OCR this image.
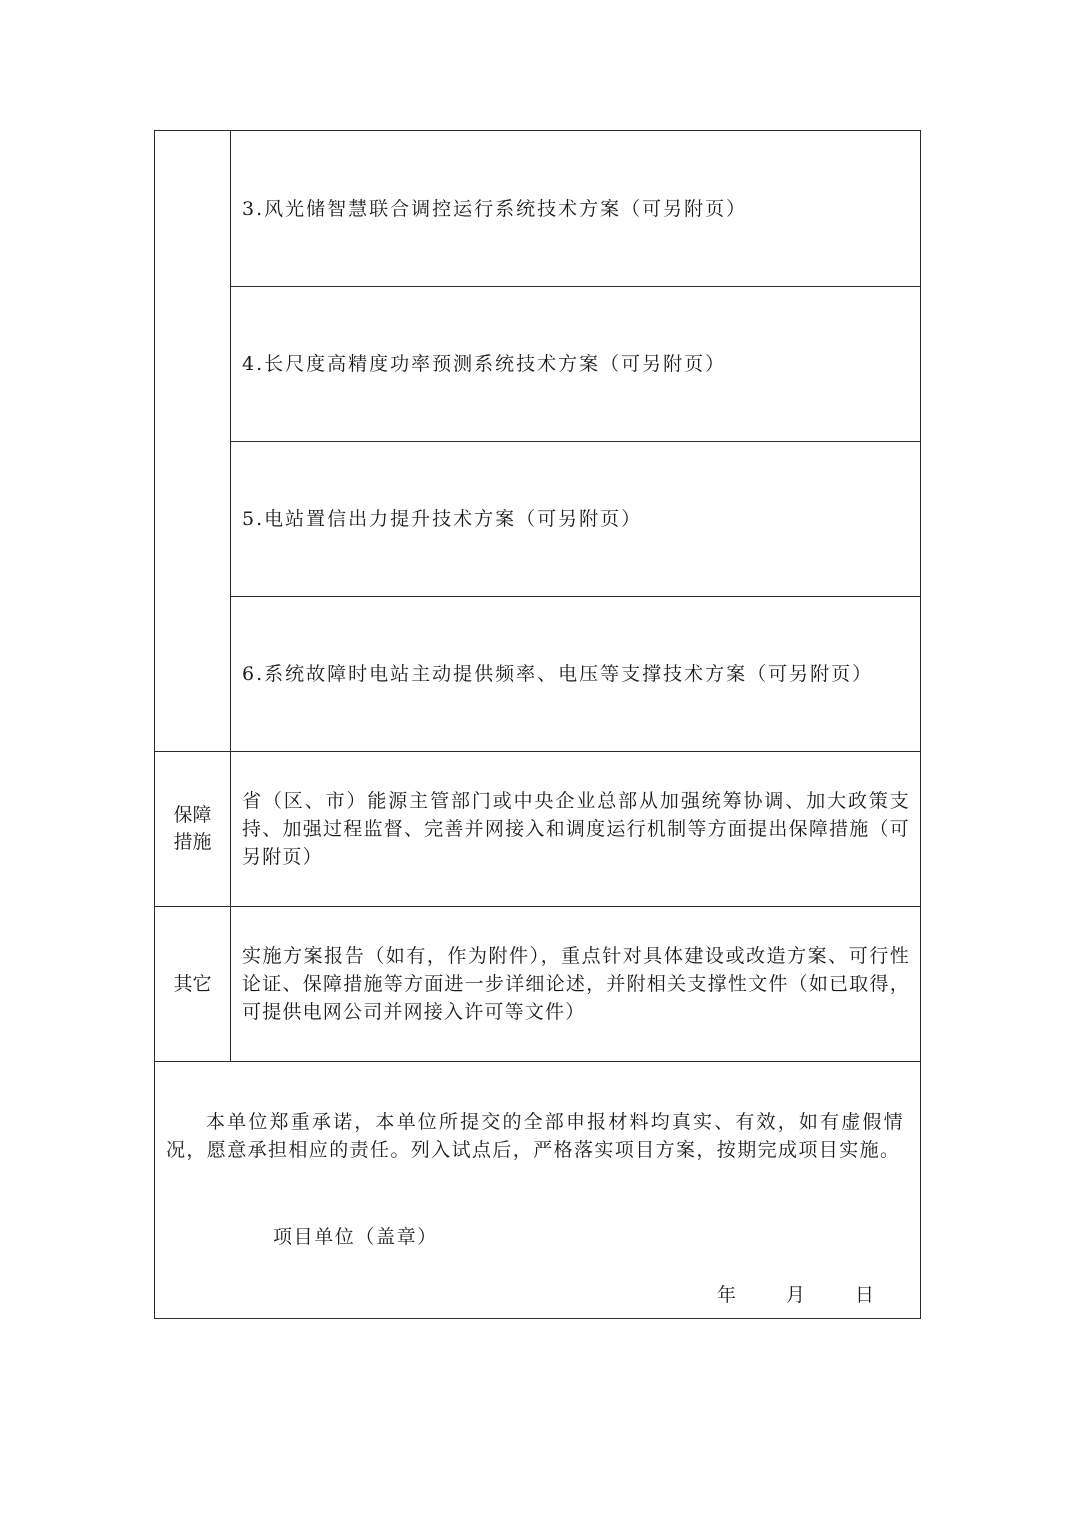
3.风光储智慧联合调控运行系统技术方案（可另附页）
4.长尺度高精度功率预测系统技术方案（可另附页）
5.电站置信出力提升技术方案（可另附页）
6.系统故障时电站主动提供频率、电压等支撑技术方案（可另附页）
保障
措施
省（区、市）能源主管部门或中央企业总部从加强统筹协调、加大政策支持、加强过程监督、完善并网接入和调度运行机制等方面提出保障措施（可另附页）
其它
实施方案报告（如有，作为附件），重点针对具体建设或改造方案、可行性论证、保障措施等方面进一步详细论述，并附相关支撑性文件（如已取得，可提供电网公司并网接入许可等文件）
本单位郑重承诺，本单位所提交的全部申报材料均真实、有效，如有虚假情况，愿意承担相应的责任。列入试点后，严格落实项目方案，按期完成项目实施。
项目单位（盖章）
年	月	日
